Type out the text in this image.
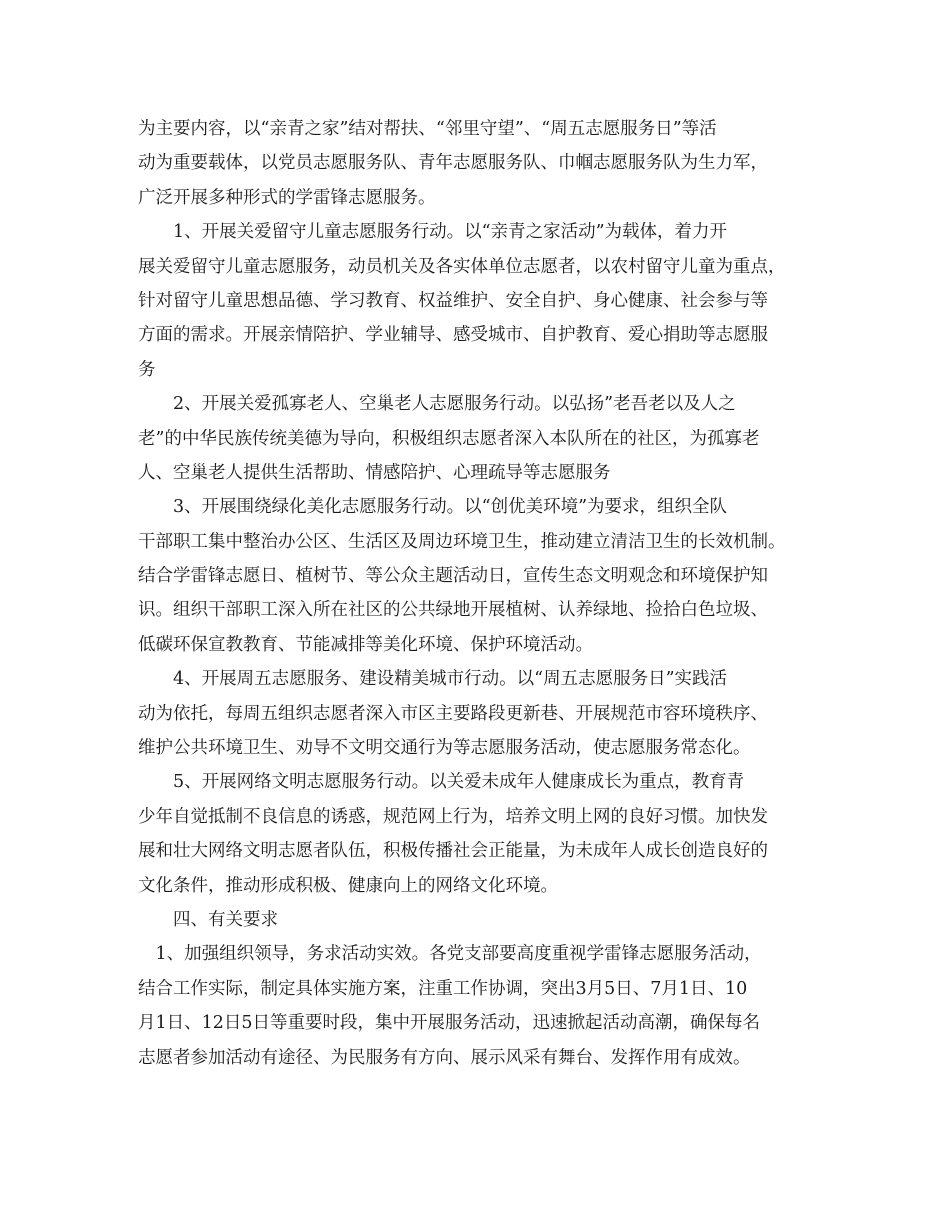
为主要内容，以“亲青之家”结对帮扶、“邻里守望”、“周五志愿服务日”等活
动为重要载体，以党员志愿服务队、青年志愿服务队、巾帼志愿服务队为生力军，
广泛开展多种形式的学雷锋志愿服务。
　　1、开展关爱留守儿童志愿服务行动。以“亲青之家活动”为载体，着力开
展关爱留守儿童志愿服务，动员机关及各实体单位志愿者，以农村留守儿童为重点，
针对留守儿童思想品德、学习教育、权益维护、安全自护、身心健康、社会参与等
方面的需求。开展亲情陪护、学业辅导、感受城市、自护教育、爱心捐助等志愿服
务
　　2、开展关爱孤寡老人、空巢老人志愿服务行动。以弘扬”老吾老以及人之
老”的中华民族传统美德为导向，积极组织志愿者深入本队所在的社区，为孤寡老
人、空巢老人提供生活帮助、情感陪护、心理疏导等志愿服务
　　3、开展围绕绿化美化志愿服务行动。以“创优美环境”为要求，组织全队
干部职工集中整治办公区、生活区及周边环境卫生，推动建立清洁卫生的长效机制。
结合学雷锋志愿日、植树节、等公众主题活动日，宣传生态文明观念和环境保护知
识。组织干部职工深入所在社区的公共绿地开展植树、认养绿地、捡拾白色垃圾、
低碳环保宣教教育、节能减排等美化环境、保护环境活动。
　　4、开展周五志愿服务、建设精美城市行动。以“周五志愿服务日”实践活
动为依托，每周五组织志愿者深入市区主要路段更新巷、开展规范市容环境秩序、
维护公共环境卫生、劝导不文明交通行为等志愿服务活动，使志愿服务常态化。
　　5、开展网络文明志愿服务行动。以关爱未成年人健康成长为重点，教育青
少年自觉抵制不良信息的诱惑，规范网上行为，培养文明上网的良好习惯。加快发
展和壮大网络文明志愿者队伍，积极传播社会正能量，为未成年人成长创造良好的
文化条件，推动形成积极、健康向上的网络文化环境。
　　四、有关要求
　1、加强组织领导，务求活动实效。各党支部要高度重视学雷锋志愿服务活动，
结合工作实际，制定具体实施方案，注重工作协调，突出3月5日、7月1日、10
月1日、12日5日等重要时段，集中开展服务活动，迅速掀起活动高潮，确保每名
志愿者参加活动有途径、为民服务有方向、展示风采有舞台、发挥作用有成效。
